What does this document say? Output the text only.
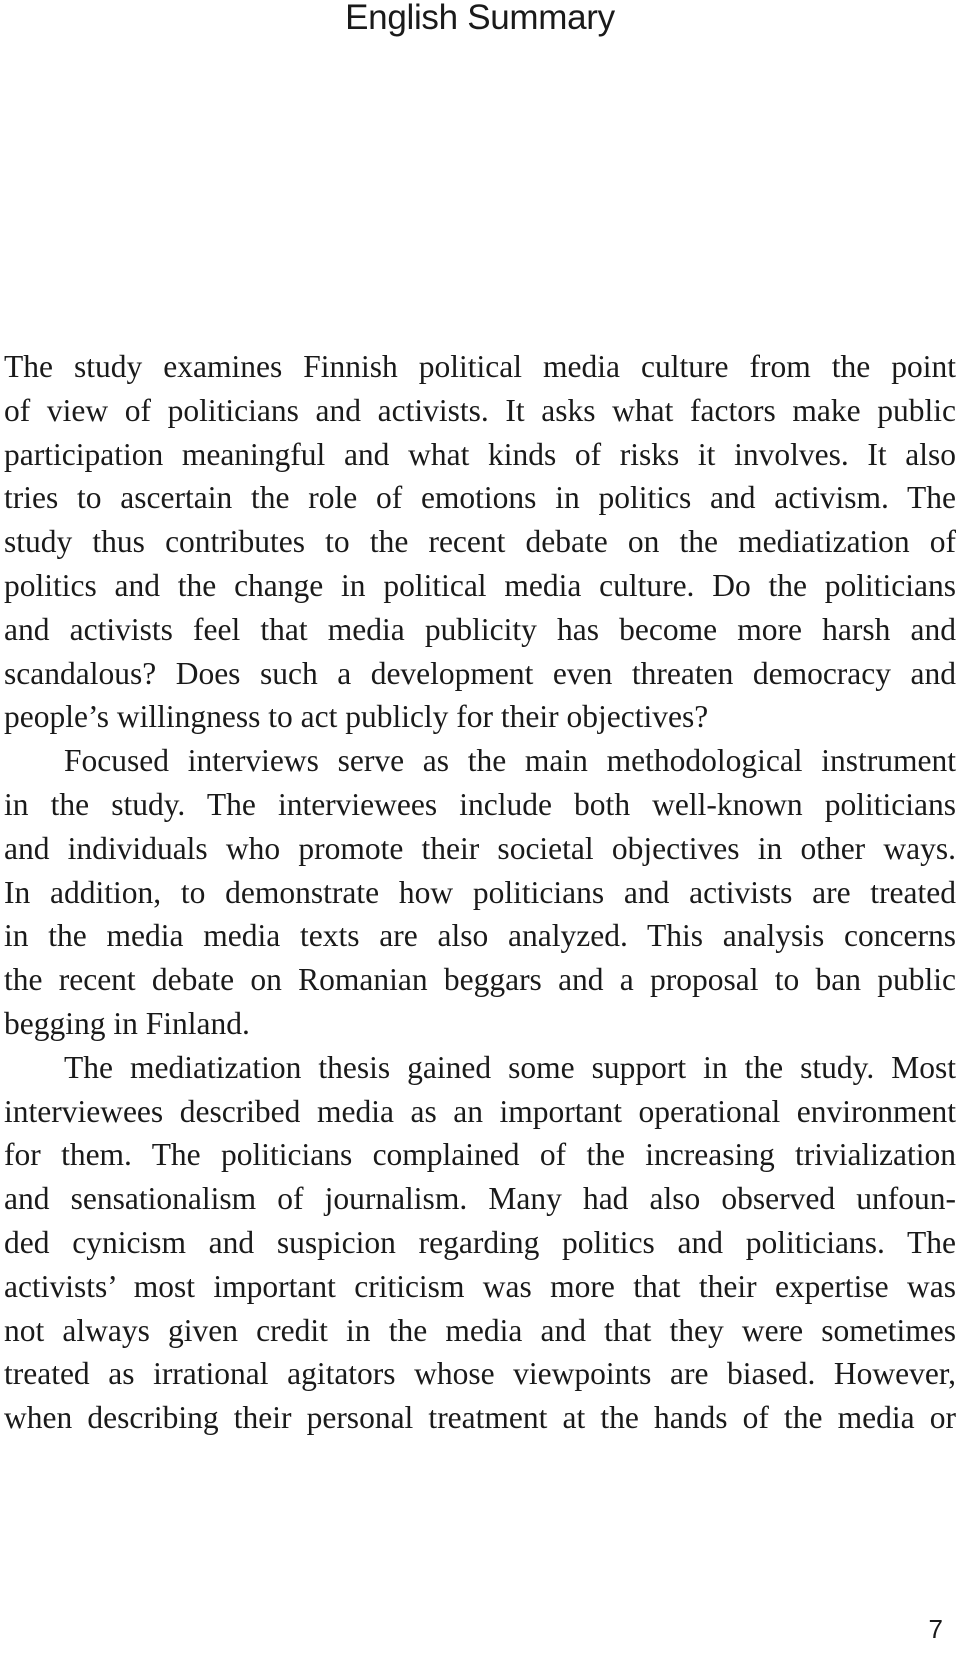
English Summary

The study examines Finnish political media culture from the point
of view of politicians and activists. It asks what factors make public
participation meaningful and what kinds of risks it involves. It also
tries to ascertain the role of emotions in politics and activism. The
study thus contributes to the recent debate on the mediatization of
politics and the change in political media culture. Do the politicians
and activists feel that media publicity has become more harsh and
scandalous? Does such a development even threaten democracy and
people’s willingness to act publicly for their objectives?

Focused interviews serve as the main methodological instrument
in the study. The interviewees include both well-known politicians
and individuals who promote their societal objectives in other ways.
In addition, to demonstrate how politicians and activists are treated
in the media media texts are also analyzed. This analysis concerns
the recent debate on Romanian beggars and a proposal to ban public
begging in Finland.

The mediatization thesis gained some support in the study. Most
interviewees described media as an important operational environment
for them. The politicians complained of the increasing trivialization
and sensationalism of journalism. Many had also observed unfoun-
ded cynicism and suspicion regarding politics and politicians. The
activists’ most important criticism was more that their expertise was
not always given credit in the media and that they were sometimes
treated as irrational agitators whose viewpoints are biased. However,
when describing their personal treatment at the hands of the media or

7
